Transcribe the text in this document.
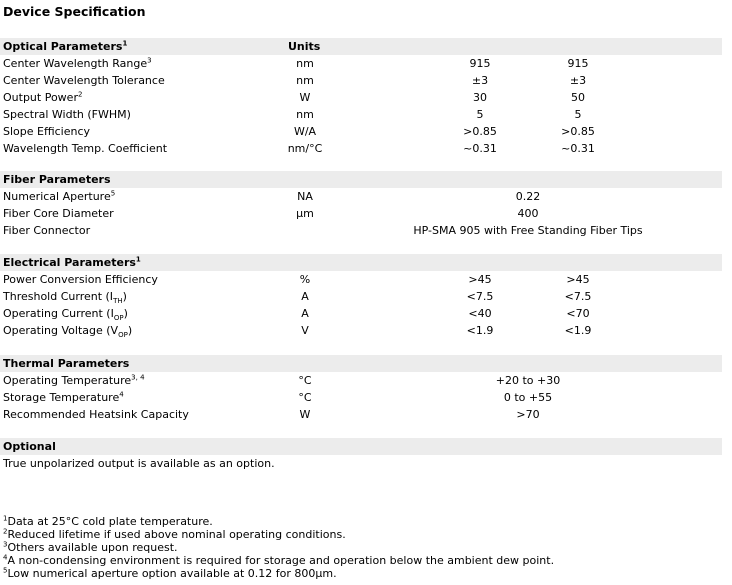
Device Specification
Optical Parameters$^1$	Units
Center Wavelength Range$^3$	nm	915	915
Center Wavelength Tolerance	nm	±3	±3
Output Power$^2$	W	30	50
Spectral Width (FWHM)	nm	5	5
Slope Efficiency	W/A	>0.85	>0.85
Wavelength Temp. Coefficient	nm/°C	~0.31	~0.31
Fiber Parameters
Numerical Aperture$^5$	NA	0.22
Fiber Core Diameter	µm	400
Fiber Connector	HP-SMA 905 with Free Standing Fiber Tips
Electrical Parameters$^1$
Power Conversion Efficiency	%	>45	>45
Threshold Current $(I_{TH})$	A	<7.5	<7.5
Operating Current $(I_{OP})$	A	<40	<70
Operating Voltage $(V_{OP})$	V	<1.9	<1.9
Thermal Parameters
Operating Temperature$^{3, 4}$	°C	+20 to +30
Storage Temperature$^4$	°C	0 to +55
Recommended Heatsink Capacity	W	>70
Optional
True unpolarized output is available as an option.
$^1$Data at 25°C cold plate temperature.
$^2$Reduced lifetime if used above nominal operating conditions.
$^3$Others available upon request.
$^4$A non-condensing environment is required for storage and operation below the ambient dew point.
$^5$Low numerical aperture option available at 0.12 for 800µm.
